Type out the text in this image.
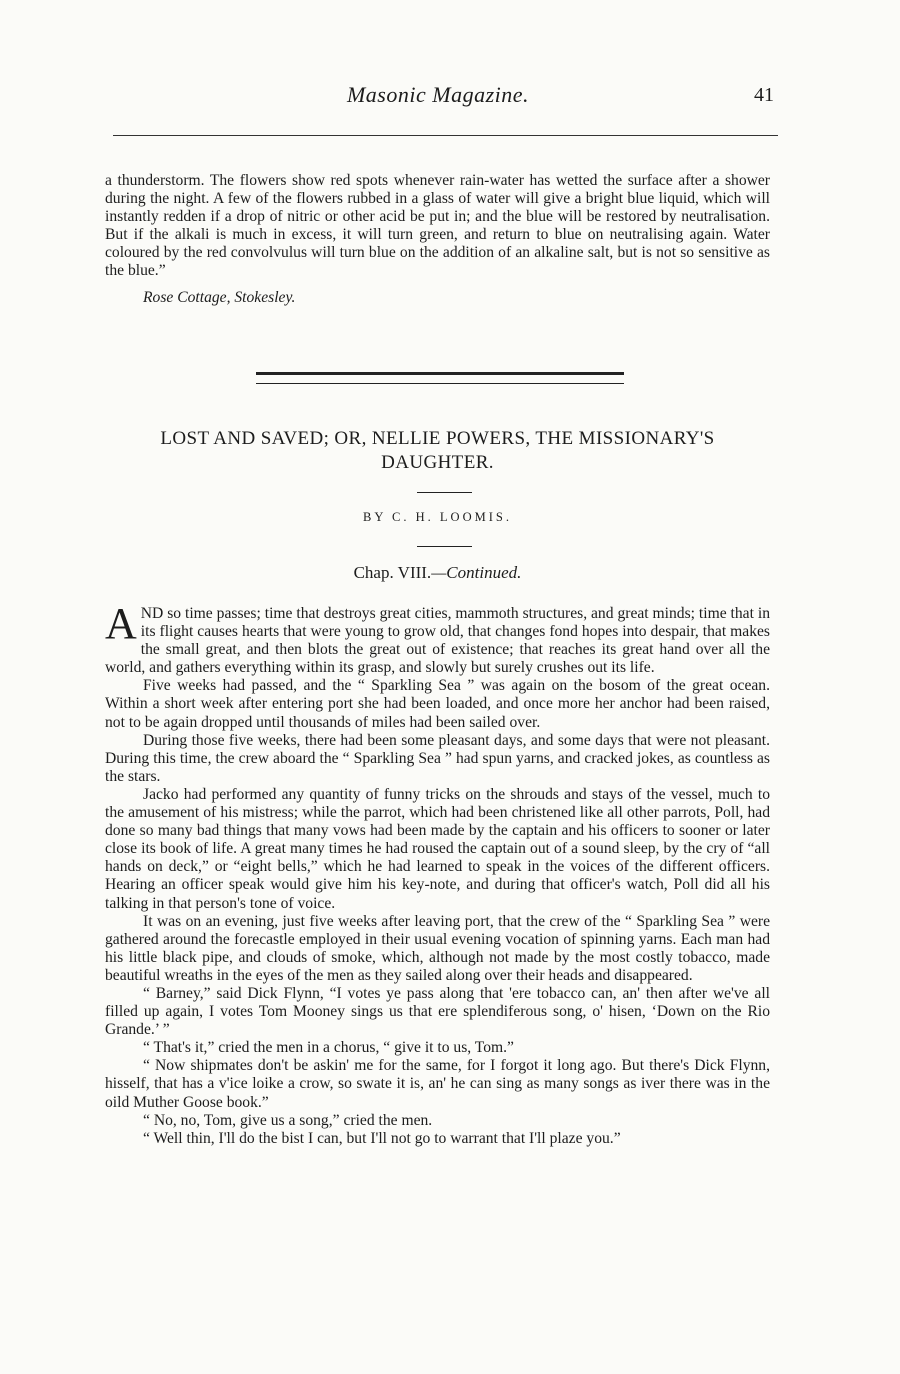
Masonic Magazine.	41

a thunderstorm. The flowers show red spots whenever rain-water has wetted the surface after a shower during the night. A few of the flowers rubbed in a glass of water will give a bright blue liquid, which will instantly redden if a drop of nitric or other acid be put in; and the blue will be restored by neutralisation. But if the alkali is much in excess, it will turn green, and return to blue on neutralising again. Water coloured by the red convolvulus will turn blue on the addition of an alkaline salt, but is not so sensitive as the blue.”

Rose Cottage, Stokesley.

LOST AND SAVED; OR, NELLIE POWERS, THE MISSIONARY'S DAUGHTER.
BY C. H. LOOMIS.
Chap. VIII.—Continued.

AND so time passes; time that destroys great cities, mammoth structures, and great minds; time that in its flight causes hearts that were young to grow old, that changes fond hopes into despair, that makes the small great, and then blots the great out of existence; that reaches its great hand over all the world, and gathers everything within its grasp, and slowly but surely crushes out its life.

Five weeks had passed, and the “ Sparkling Sea ” was again on the bosom of the great ocean. Within a short week after entering port she had been loaded, and once more her anchor had been raised, not to be again dropped until thousands of miles had been sailed over.

During those five weeks, there had been some pleasant days, and some days that were not pleasant. During this time, the crew aboard the “ Sparkling Sea ” had spun yarns, and cracked jokes, as countless as the stars.

Jacko had performed any quantity of funny tricks on the shrouds and stays of the vessel, much to the amusement of his mistress; while the parrot, which had been christened like all other parrots, Poll, had done so many bad things that many vows had been made by the captain and his officers to sooner or later close its book of life. A great many times he had roused the captain out of a sound sleep, by the cry of “all hands on deck,” or “eight bells,” which he had learned to speak in the voices of the different officers. Hearing an officer speak would give him his key-note, and during that officer's watch, Poll did all his talking in that person's tone of voice.

It was on an evening, just five weeks after leaving port, that the crew of the “ Sparkling Sea ” were gathered around the forecastle employed in their usual evening vocation of spinning yarns. Each man had his little black pipe, and clouds of smoke, which, although not made by the most costly tobacco, made beautiful wreaths in the eyes of the men as they sailed along over their heads and disappeared.

“ Barney,” said Dick Flynn, “I votes ye pass along that 'ere tobacco can, an' then after we've all filled up again, I votes Tom Mooney sings us that ere splendiferous song, o' hisen, ‘Down on the Rio Grande.’ ”

“ That's it,” cried the men in a chorus, “ give it to us, Tom.”

“ Now shipmates don't be askin' me for the same, for I forgot it long ago. But there's Dick Flynn, hisself, that has a v'ice loike a crow, so swate it is, an' he can sing as many songs as iver there was in the oild Muther Goose book.”

“ No, no, Tom, give us a song,” cried the men.

“ Well thin, I'll do the bist I can, but I'll not go to warrant that I'll plaze you.”
